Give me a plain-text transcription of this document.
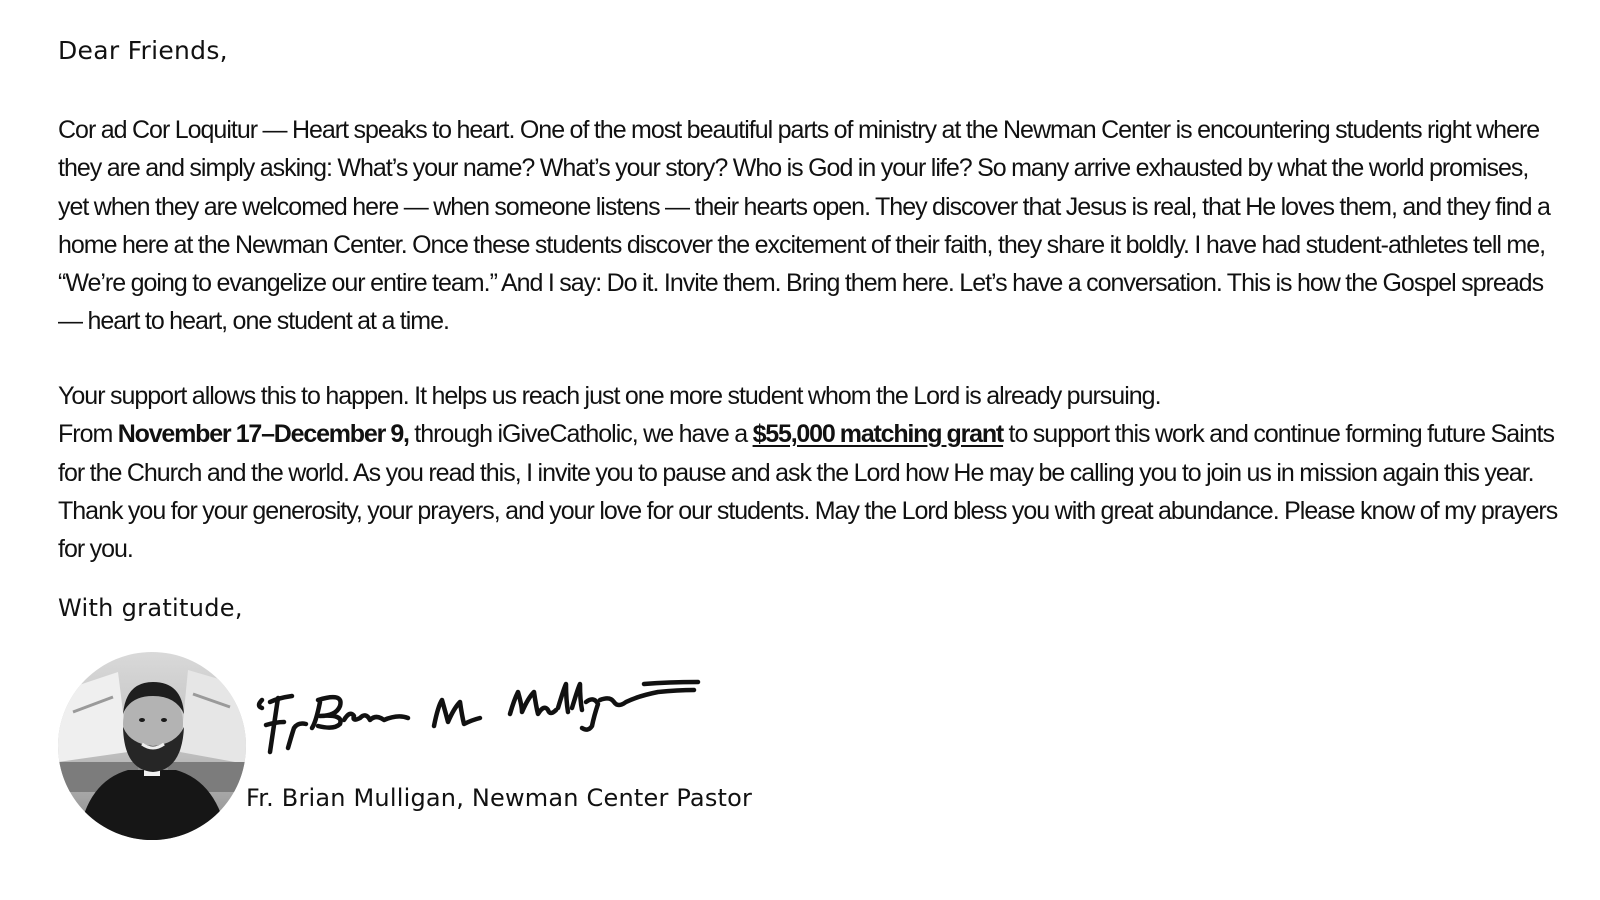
Dear Friends,

Cor ad Cor Loquitur — Heart speaks to heart. One of the most beautiful parts of ministry at the Newman Center is encountering students right where they are and simply asking: What’s your name? What’s your story? Who is God in your life? So many arrive exhausted by what the world promises, yet when they are welcomed here — when someone listens — their hearts open. They discover that Jesus is real, that He loves them, and they find a home here at the Newman Center. Once these students discover the excitement of their faith, they share it boldly. I have had student-athletes tell me, “We’re going to evangelize our entire team.” And I say: Do it. Invite them. Bring them here. Let’s have a conversation. This is how the Gospel spreads — heart to heart, one student at a time.

Your support allows this to happen. It helps us reach just one more student whom the Lord is already pursuing.
From November 17–December 9, through iGiveCatholic, we have a $55,000 matching grant to support this work and continue forming future Saints for the Church and the world. As you read this, I invite you to pause and ask the Lord how He may be calling you to join us in mission again this year. Thank you for your generosity, your prayers, and your love for our students. May the Lord bless you with great abundance. Please know of my prayers for you.

With gratitude,

Fr. Brian Mulligan, Newman Center Pastor
